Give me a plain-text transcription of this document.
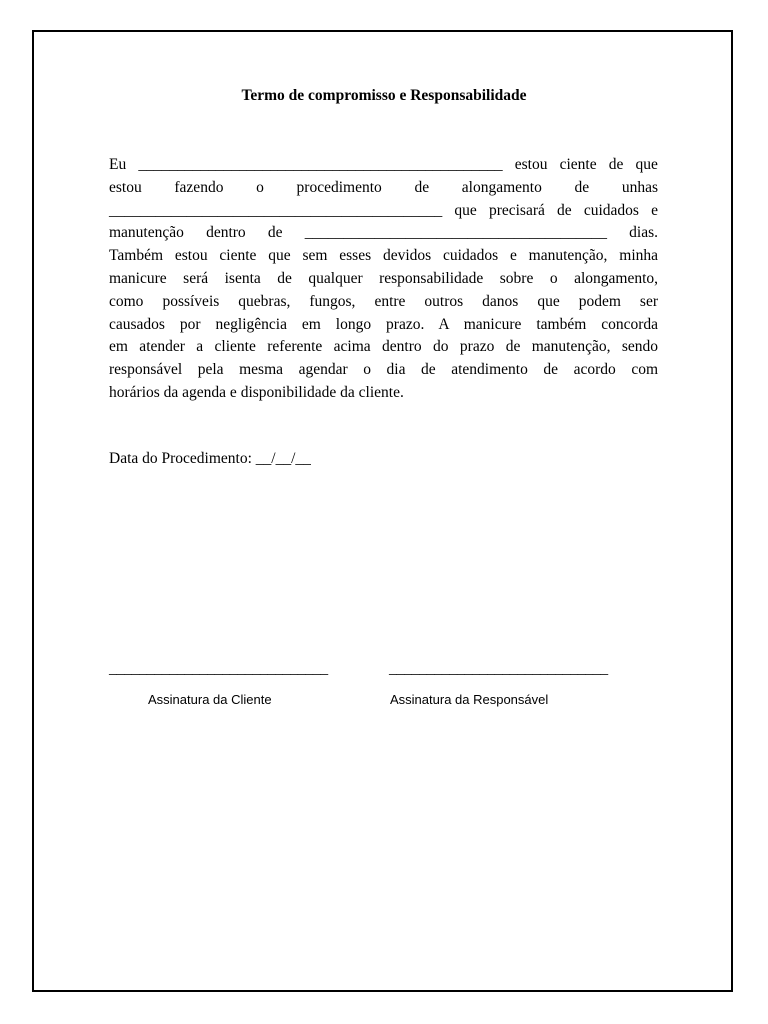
Termo de compromisso e Responsabilidade
Eu _______________________________________________ estou ciente de que
estou fazendo o procedimento de alongamento de unhas
___________________________________________ que precisará de cuidados e
manutenção dentro de _______________________________________ dias.
Também estou ciente que sem esses devidos cuidados e manutenção, minha
manicure será isenta de qualquer responsabilidade sobre o alongamento,
como possíveis quebras, fungos, entre outros danos que podem ser
causados por negligência em longo prazo. A manicure também concorda
em atender a cliente referente acima dentro do prazo de manutenção, sendo
responsável pela mesma agendar o dia de atendimento de acordo com
horários da agenda e disponibilidade da cliente.
Data do Procedimento: __/__/__
_____________________________	_____________________________
Assinatura da Cliente	Assinatura da Responsável
